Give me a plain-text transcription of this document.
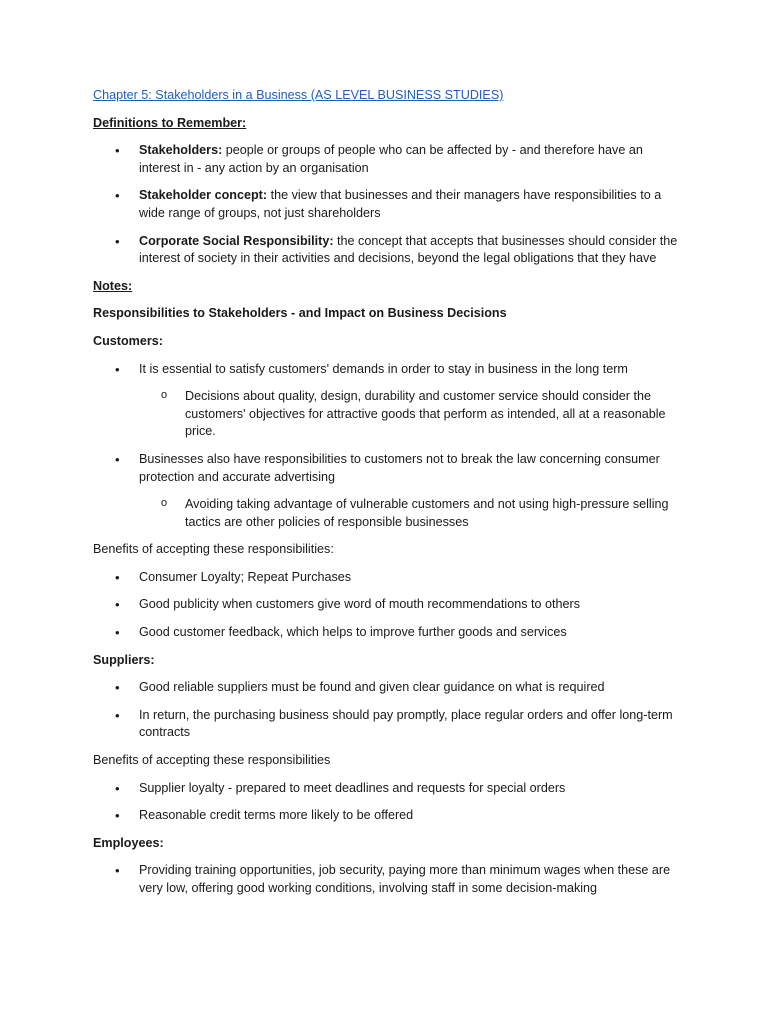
Chapter 5: Stakeholders in a Business (AS LEVEL BUSINESS STUDIES)

Definitions to Remember:

• Stakeholders: people or groups of people who can be affected by - and therefore have an interest in - any action by an organisation
• Stakeholder concept: the view that businesses and their managers have responsibilities to a wide range of groups, not just shareholders
• Corporate Social Responsibility: the concept that accepts that businesses should consider the interest of society in their activities and decisions, beyond the legal obligations that they have

Notes:

Responsibilities to Stakeholders - and Impact on Business Decisions

Customers:

• It is essential to satisfy customers' demands in order to stay in business in the long term
o Decisions about quality, design, durability and customer service should consider the customers' objectives for attractive goods that perform as intended, all at a reasonable price.
• Businesses also have responsibilities to customers not to break the law concerning consumer protection and accurate advertising
o Avoiding taking advantage of vulnerable customers and not using high-pressure selling tactics are other policies of responsible businesses

Benefits of accepting these responsibilities:

• Consumer Loyalty; Repeat Purchases
• Good publicity when customers give word of mouth recommendations to others
• Good customer feedback, which helps to improve further goods and services

Suppliers:

• Good reliable suppliers must be found and given clear guidance on what is required
• In return, the purchasing business should pay promptly, place regular orders and offer long-term contracts

Benefits of accepting these responsibilities

• Supplier loyalty - prepared to meet deadlines and requests for special orders
• Reasonable credit terms more likely to be offered

Employees:

• Providing training opportunities, job security, paying more than minimum wages when these are very low, offering good working conditions, involving staff in some decision-making
